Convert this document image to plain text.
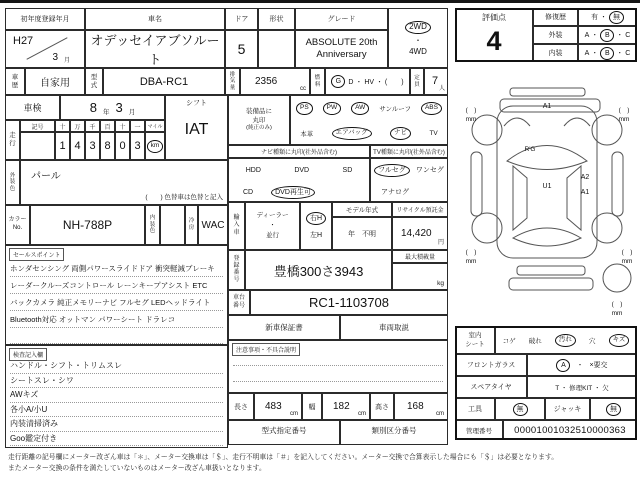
初年度登録年月
H27
3 月
車名
オデッセイアブソルート
ドア
5
形状	グレード
ABSOLUTE 20th
Anniversary
2WD
・
4WD
車歴	自家用
型式	DBA-RC1
排気量
2356
cc
燃料	G	D ・ HV ・ (　　)
定員 7
人
車検	8 年 3 月
シフト
IAT
走行
記号	十	万	千	百	十	一
1 4 3 8 0 3
マイル
km
外装色
パール
(　　) 色替車は色替と記入
カラー
No.	NH-788P	内装色
冷房 WAC
セールスポイント
ホンダセンシング 両側パワースライドドア 衝突軽減ブレーキ
レーダークルーズコントロール レーンキープアシスト ETC
バックカメラ 純正メモリーナビ フルセグ LEDヘッドライト
Bluetooth対応 オットマン パワーシート ドラレコ
検査記入欄
ハンドル・シフト・トリムスレ
シートスレ・シワ
AWキズ
各小A/小U
内装清掃済み
Goo鑑定付き
装備品に
丸印
(純正のみ)
PS	PW	AW	サンルーフ	ABS
本革	エアバッグ	ナビ	TV
ナビ種類に丸印(社外品含む)
HDD	DVD	SD
CD	DVD再生可
TV種類に丸印(社外品含む)
フルセグ	ワンセグ
アナログ
輸入車
ディーラー
・
並行
右H
左H
モデル年式
年　不明
リサイクル預託金
14,420
円
登録番号
豊橋300さ3943
最大積載量
kg
車台番号	RC1-1103708
新車保証書	車両取説
注意事項・不具合説明
長さ	483
cm
幅	182
cm
高さ	168
cm
型式指定番号	類別区分番号
評価点
4
修復歴	有 ・ 無
外装	A ・ B ・ C
内装	A ・ B ・ C
A1
R'G
U1
A2
A1
(　)
mm
(　)
mm
(　)
mm
(　)
mm
(　)
mm
室内
シート	コゲ 破れ	汚れ	穴	キズ
フロントガラス	A	・ ×要交
スペアタイヤ	T ・ 修理KIT ・ 欠
工具	無	ジャッキ	無
管理番号	00001001032510000363
走行距離の記号欄にメーター改ざん車は「＊」、メーター交換車は「＄」、走行不明車は「＃」を記入してください。メーター交換で合算表示した場合にも「＄」は必要となります。
またメーター交換の条件を満たしていないものはメーター改ざん車扱いとなります。
